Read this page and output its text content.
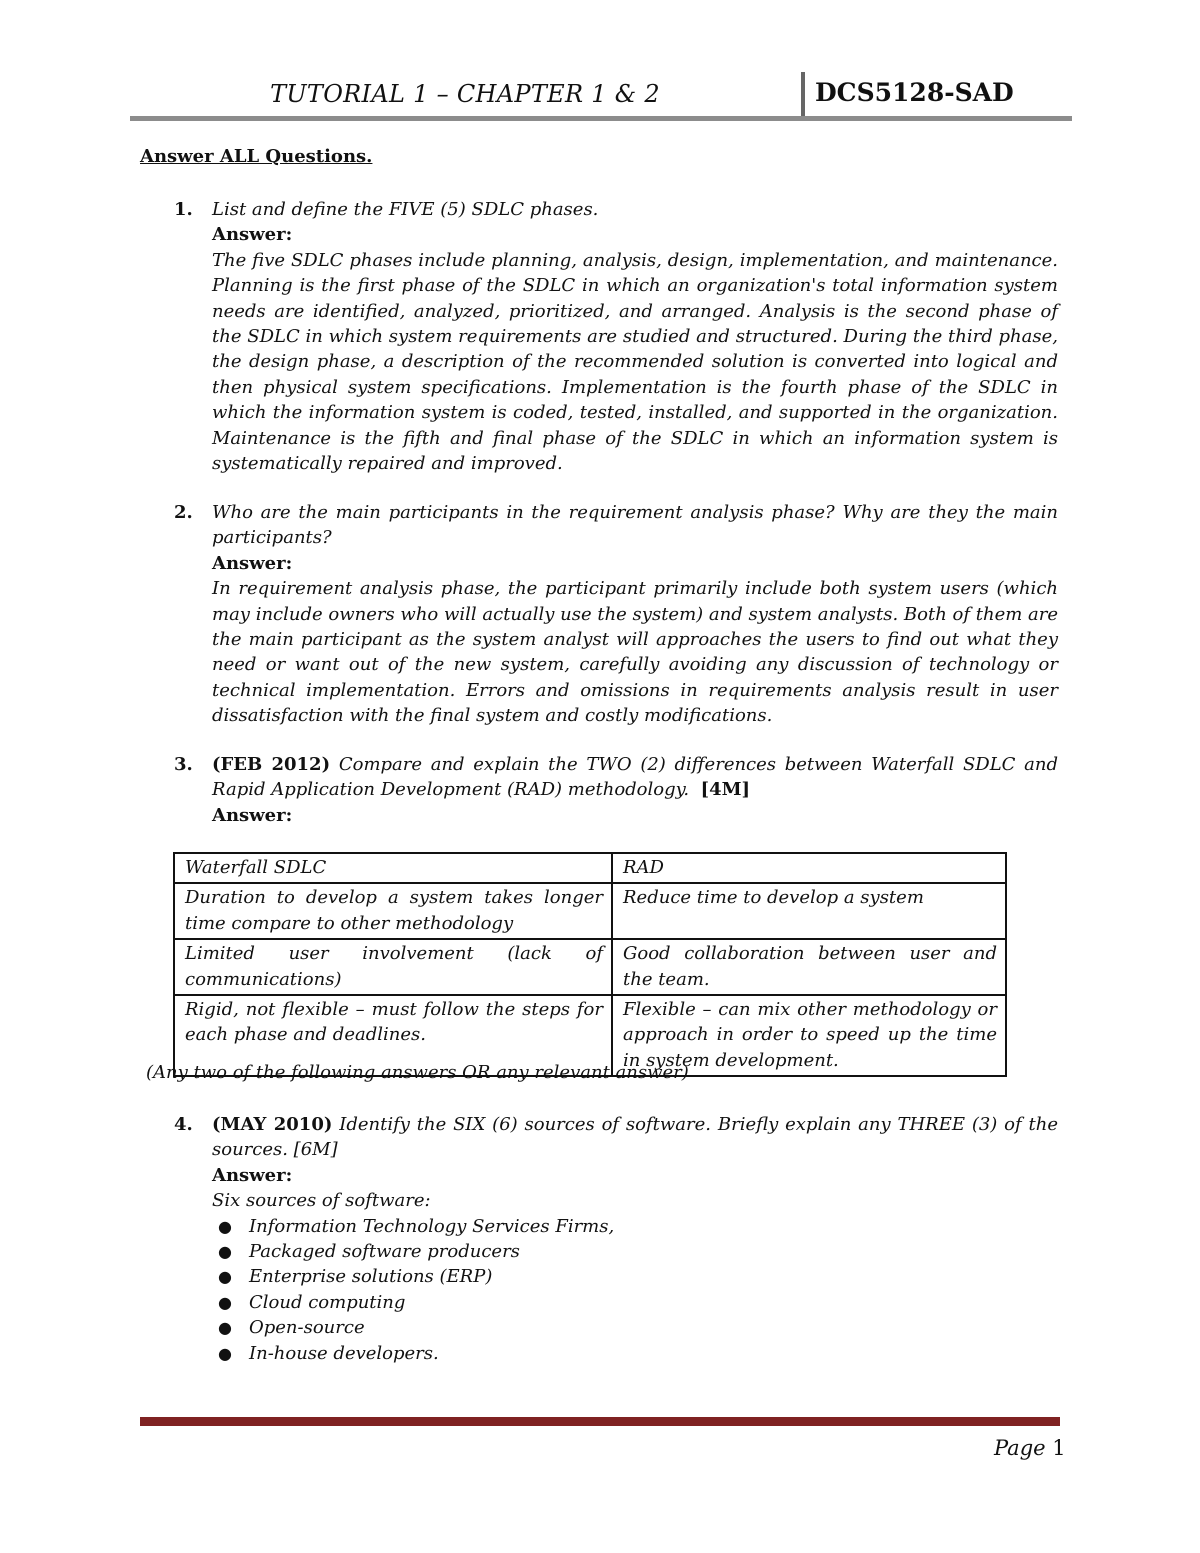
TUTORIAL 1 – CHAPTER 1 & 2	DCS5128-SAD
Answer ALL Questions.
1. List and define the FIVE (5) SDLC phases.
Answer:
The five SDLC phases include planning, analysis, design, implementation, and maintenance. Planning is the first phase of the SDLC in which an organization's total information system needs are identified, analyzed, prioritized, and arranged. Analysis is the second phase of the SDLC in which system requirements are studied and structured. During the third phase, the design phase, a description of the recommended solution is converted into logical and then physical system specifications. Implementation is the fourth phase of the SDLC in which the information system is coded, tested, installed, and supported in the organization. Maintenance is the fifth and final phase of the SDLC in which an information system is systematically repaired and improved.
2. Who are the main participants in the requirement analysis phase? Why are they the main participants?
Answer:
In requirement analysis phase, the participant primarily include both system users (which may include owners who will actually use the system) and system analysts. Both of them are the main participant as the system analyst will approaches the users to find out what they need or want out of the new system, carefully avoiding any discussion of technology or technical implementation. Errors and omissions in requirements analysis result in user dissatisfaction with the final system and costly modifications.
3. (FEB 2012) Compare and explain the TWO (2) differences between Waterfall SDLC and Rapid Application Development (RAD) methodology. [4M]
Answer:
Waterfall SDLC	RAD
Duration to develop a system takes longer time compare to other methodology	Reduce time to develop a system
Limited user involvement (lack of communications)	Good collaboration between user and the team.
Rigid, not flexible – must follow the steps for each phase and deadlines.	Flexible – can mix other methodology or approach in order to speed up the time in system development.
(Any two of the following answers OR any relevant answer)
4. (MAY 2010) Identify the SIX (6) sources of software. Briefly explain any THREE (3) of the sources. [6M]
Answer:
Six sources of software:
● Information Technology Services Firms,
● Packaged software producers
● Enterprise solutions (ERP)
● Cloud computing
● Open-source
● In-house developers.
Page 1
